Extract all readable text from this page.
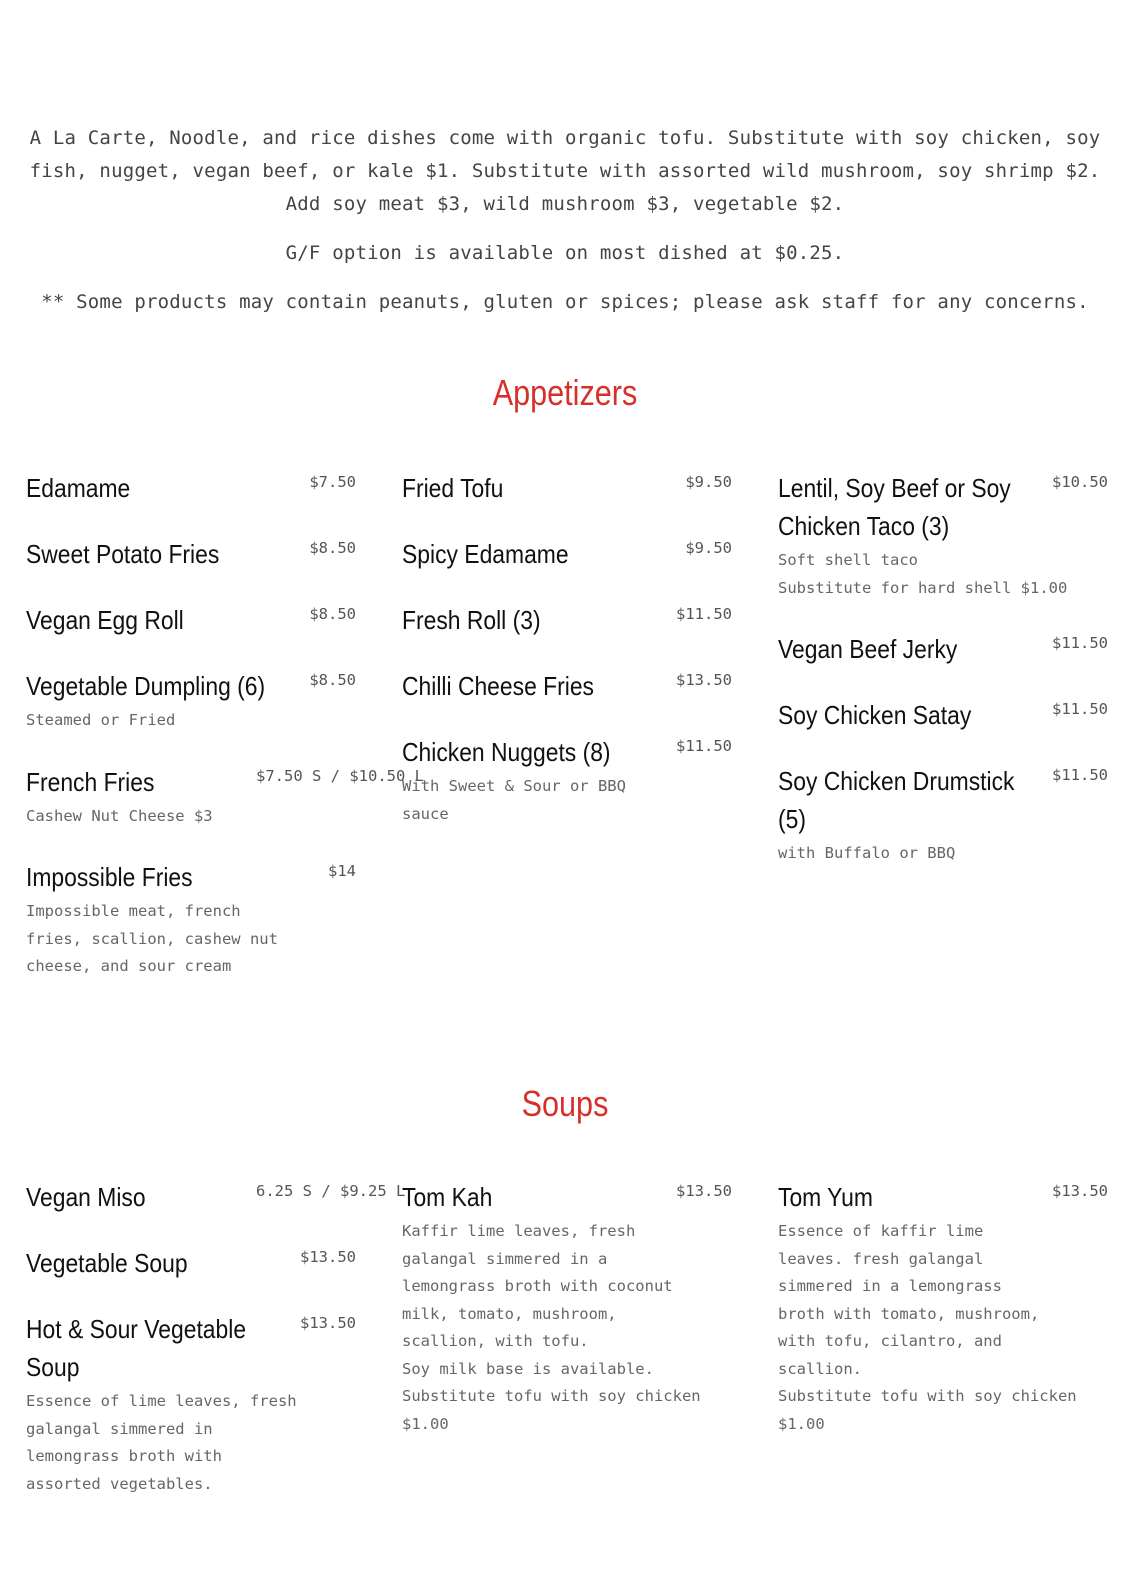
A La Carte, Noodle, and rice dishes come with organic tofu. Substitute with soy chicken, soy fish, nugget, vegan beef, or kale $1. Substitute with assorted wild mushroom, soy shrimp $2. Add soy meat $3, wild mushroom $3, vegetable $2.

G/F option is available on most dished at $0.25.

** Some products may contain peanuts, gluten or spices; please ask staff for any concerns.

Appetizers
Edamame	$7.50
Sweet Potato Fries	$8.50
Vegan Egg Roll	$8.50
Vegetable Dumpling (6)	$8.50
Steamed or Fried
French Fries	$7.50 S / $10.50 L
Cashew Nut Cheese $3
Impossible Fries	$14
Impossible meat, french
fries, scallion, cashew nut
cheese, and sour cream
Fried Tofu	$9.50
Spicy Edamame	$9.50
Fresh Roll (3)	$11.50
Chilli Cheese Fries	$13.50
Chicken Nuggets (8)	$11.50
With Sweet & Sour or BBQ
sauce
Lentil, Soy Beef or Soy Chicken Taco (3)
$10.50
Soft shell taco
Substitute for hard shell $1.00
Vegan Beef Jerky	$11.50
Soy Chicken Satay	$11.50
Soy Chicken Drumstick (5)
$11.50
with Buffalo or BBQ
Soups
Vegan Miso	6.25 S / $9.25 L
Vegetable Soup	$13.50
Hot & Sour Vegetable Soup
$13.50
Essence of lime leaves, fresh
galangal simmered in
lemongrass broth with
assorted vegetables.
Tom Kah	$13.50
Kaffir lime leaves, fresh
galangal simmered in a
lemongrass broth with coconut
milk, tomato, mushroom,
scallion, with tofu.
Soy milk base is available.
Substitute tofu with soy chicken
$1.00
Tom Yum	$13.50
Essence of kaffir lime
leaves. fresh galangal
simmered in a lemongrass
broth with tomato, mushroom,
with tofu, cilantro, and
scallion.
Substitute tofu with soy chicken
$1.00
